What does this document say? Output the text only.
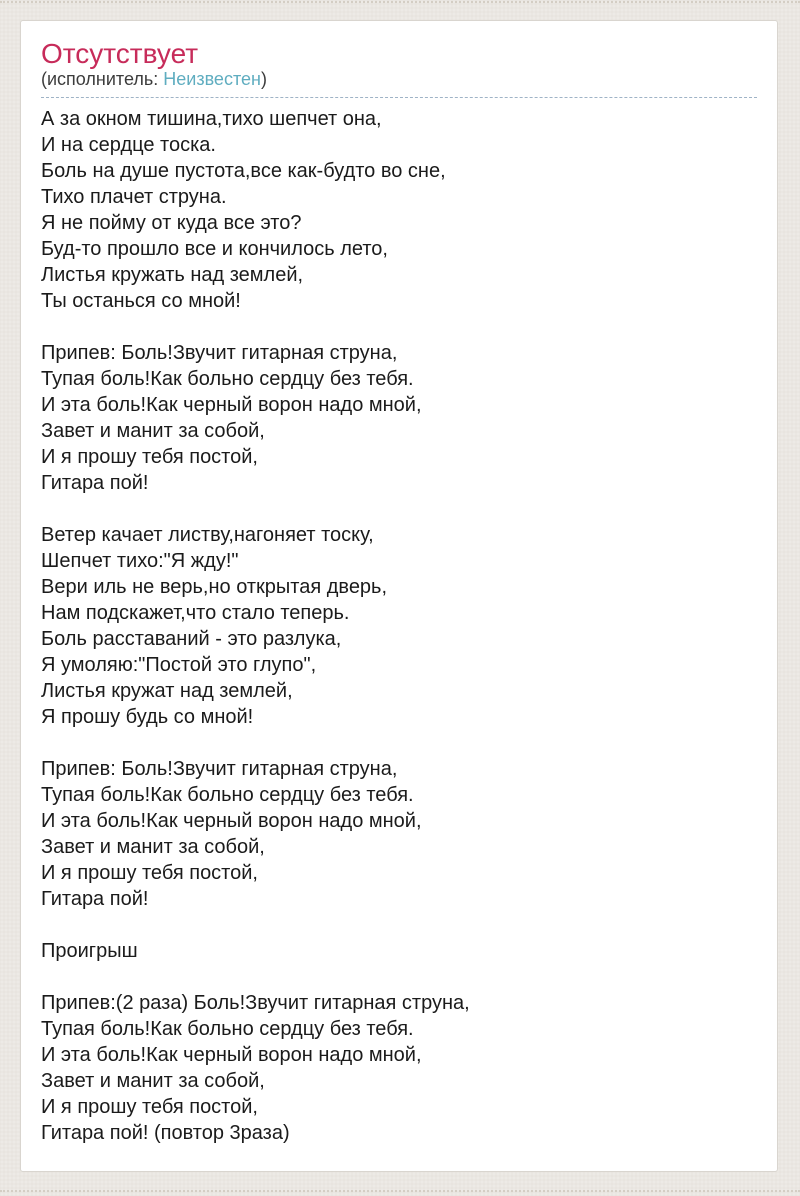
Отсутствует
(исполнитель: Неизвестен)
А за окном тишина,тихо шепчет она,
И на сердце тоска.
Боль на душе пустота,все как-будто во сне,
Тихо плачет струна.
Я не пойму от куда все это?
Буд-то прошло все и кончилось лето,
Листья кружать над землей,
Ты останься со мной!
Припев: Боль!Звучит гитарная струна,
Тупая боль!Как больно сердцу без тебя.
И эта боль!Как черный ворон надо мной,
Завет и манит за собой,
И я прошу тебя постой,
Гитара пой!
Ветер качает листву,нагоняет тоску,
Шепчет тихо:"Я жду!"
Вери иль не верь,но открытая дверь,
Нам подскажет,что стало теперь.
Боль расставаний - это разлука,
Я умоляю:"Постой это глупо",
Листья кружат над землей,
Я прошу будь со мной!
Припев: Боль!Звучит гитарная струна,
Тупая боль!Как больно сердцу без тебя.
И эта боль!Как черный ворон надо мной,
Завет и манит за собой,
И я прошу тебя постой,
Гитара пой!
Проигрыш
Припев:(2 раза) Боль!Звучит гитарная струна,
Тупая боль!Как больно сердцу без тебя.
И эта боль!Как черный ворон надо мной,
Завет и манит за собой,
И я прошу тебя постой,
Гитара пой! (повтор 3раза)
